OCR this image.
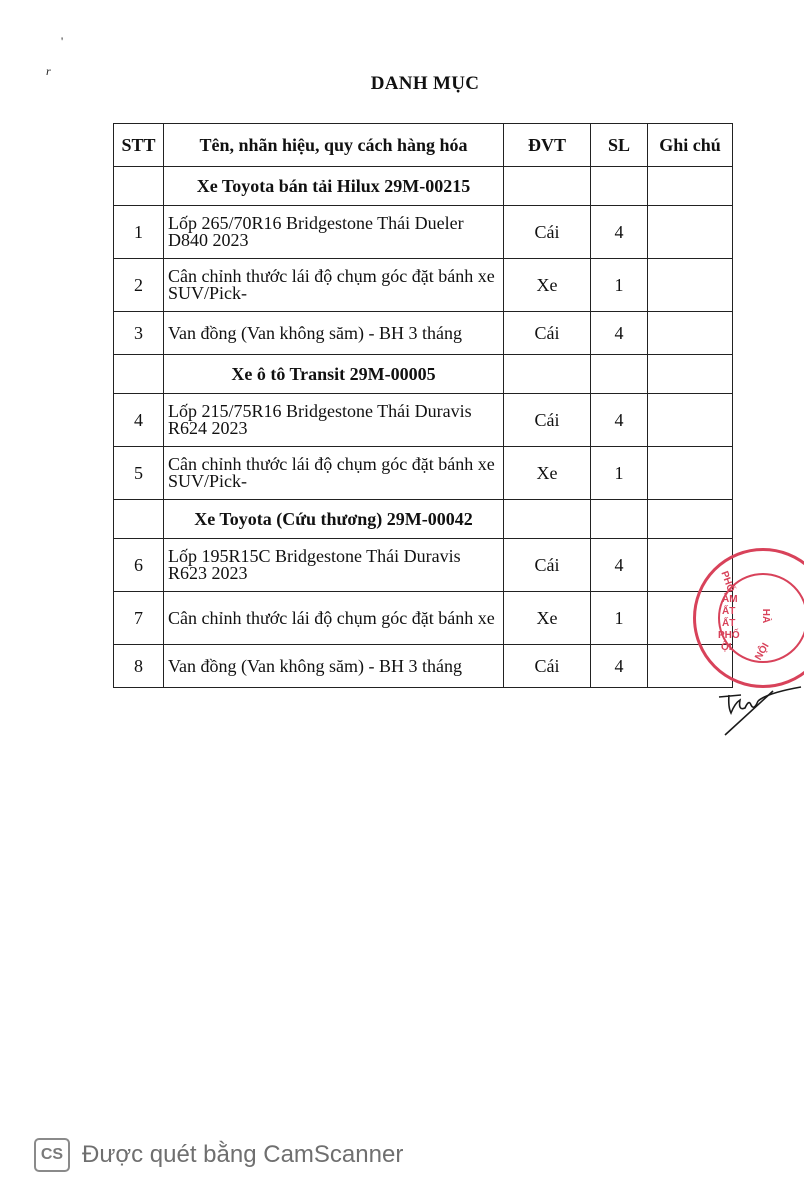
'
r
DANH MỤC
STT	Tên, nhãn hiệu, quy cách hàng hóa	ĐVT	SL	Ghi chú
	Xe Toyota bán tải Hilux 29M-00215			
1	Lốp 265/70R16 Bridgestone Thái Dueler D840 2023	Cái	4	
2	Cân chỉnh thước lái độ chụm góc đặt bánh xe SUV/Pick-	Xe	1	
3	Van đồng (Van không săm) - BH 3 tháng	Cái	4	
	Xe ô tô Transit 29M-00005			
4	Lốp 215/75R16 Bridgestone Thái Duravis R624 2023	Cái	4	
5	Cân chỉnh thước lái độ chụm góc đặt bánh xe SUV/Pick-	Xe	1	
	Xe Toyota (Cứu thương) 29M-00042			
6	Lốp 195R15C Bridgestone Thái Duravis R623 2023	Cái	4	
7	Cân chỉnh thước lái độ chụm góc đặt bánh xe	Xe	1	
8	Van đồng (Van không săm) - BH 3 tháng	Cái	4	
PHỐ
ÂM
ẤT
ẤT
PHỐ
ỘI
HÀ
NỘI
CS Được quét bằng CamScanner
